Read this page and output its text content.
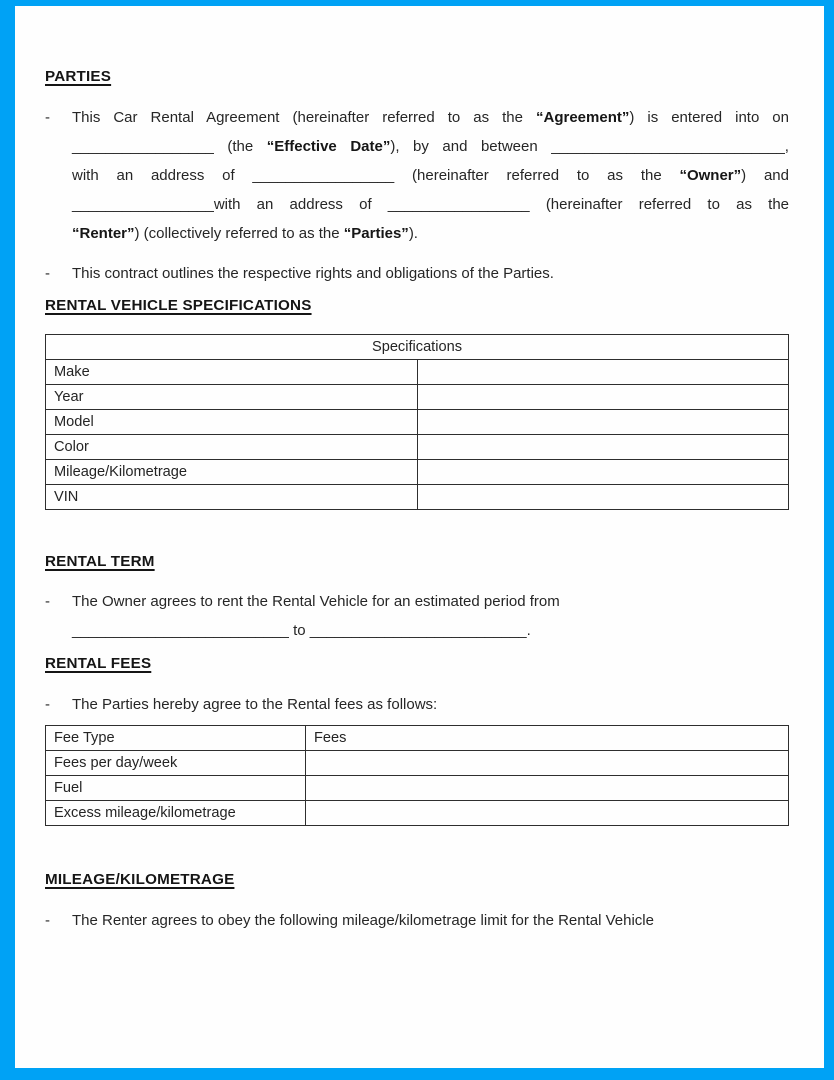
PARTIES
-	This Car Rental Agreement (hereinafter referred to as the “Agreement”) is entered into on
_________________ (the “Effective Date”), by and between ____________________________,
with an address of _________________ (hereinafter referred to as the “Owner”) and
_________________with an address of _________________ (hereinafter referred to as the
“Renter”) (collectively referred to as the “Parties”).
-	This contract outlines the respective rights and obligations of the Parties.
RENTAL VEHICLE SPECIFICATIONS
Specifications	
Make	
Year	
Model	
Color	
Mileage/Kilometrage	
VIN	
RENTAL TERM
-	The Owner agrees to rent the Rental Vehicle for an estimated period from
__________________________ to __________________________.
RENTAL FEES
-	The Parties hereby agree to the Rental fees as follows:
Fee Type	Fees
Fees per day/week	
Fuel	
Excess mileage/kilometrage	
MILEAGE/KILOMETRAGE
-	The Renter agrees to obey the following mileage/kilometrage limit for the Rental Vehicle
